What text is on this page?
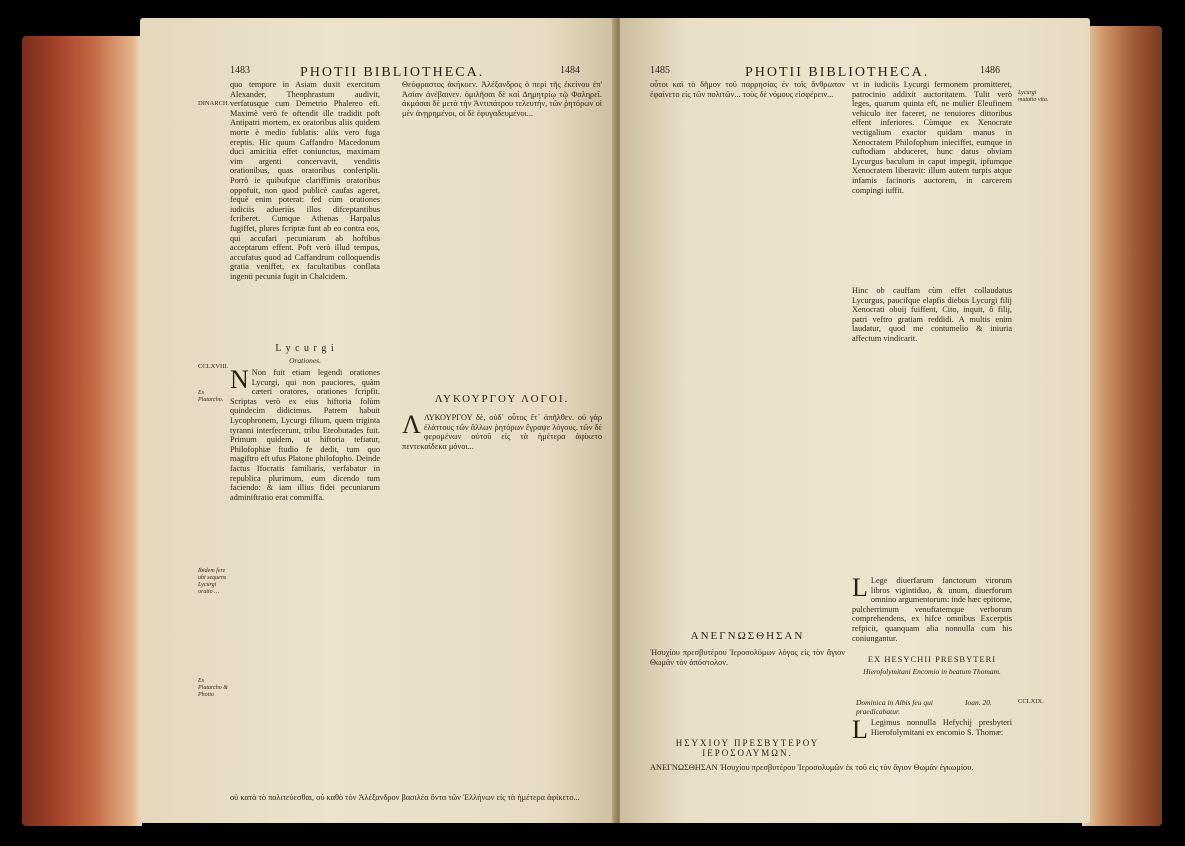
1483	PHOTII BIBLIOTHECA.	1484
DINARCH.

quo tempore in Asiam duxit exercitum Alexander, Theophrastum audivit, verfatusque cum Demetrio Phalereo eft. Maximè verò fe oftendit ille tradidit poft Antipatri mortem, ex oratoribus aliis quidem morte è medio fublatis: aliis vero fuga ereptis. Hic quum Caffandro Macedonum duci amicitia effet coniunctus, maximam vim argenti concervavit, venditis orationibus, quas oratoribus conferiplit. Porrò ie quibufque clariffimis oratoribus oppofuit, non quod publicè caufas ageret, fequè enim poterat: fed cùm orationes iudiciis adueriùs illos difceptantibus fcriberet. Cumque Athenas Harpalus fugiffet, plures fcriptæ funt ab eo contra eos, qui accufari pecuniarum ab hoftibus acceptarum effent. Poft verò illud tempus, accufatus quod ad Caffandrum colloquendis gratia veniffet, ex facultatibus conflata ingenti pecunia fugit in Chalcidem.

L y c u r g i
Orationes.
CCLXVIII.
Ex Plutarcho.

N Non fuit etiam legendi orationes Lycurgi, qui non pauciores, quàm cæteri oratores, orationes fcripfit. Scriptas verò ex eius hiftoria folùm quindecim didicimus. Patrem habuit Lycophronem, Lycurgi filium, quem triginta tyranni interfecerunt, tribu Eteobutades fuit. Primum quidem, ut hiftoria tefiatur, Philofophiæ ftudio fe dedit, tum quo magiftro eft ufus Platone philofopho. Deinde factus Ifocratis familiaris, verfabatur in republica plurimum, eum dicendo tum faciendo: & iam illius fidei pecuniarum adminiftratio erat commiffa.

Ibidem fere ubi sequens Lycurgi oratio …
Ex Plutarcho & Photio

Θεόφραστος ἀκήκοεν. Ἀλέξανδρος ὁ περὶ τῆς ἐκείνου ἐπ' Ἀσίαν ἀνέβαινεν. ὁμιλῆσαι δὲ καὶ Δημητρίῳ τῷ Φαληρεῖ. ἀκμάσαι δὲ μετὰ τὴν Ἀντιπάτρου τελευτήν, τῶν ῥητόρων οἱ μὲν ἀνῃρημένοι, οἱ δὲ ἐφυγαδευμένοι...

ΛΥΚΟΥΡΓΟΥ ΛΟΓΟΙ.

ΛΛΥΚΟΥΡΓΟΥ δὲ, οὐδ᾽ οὗτος ἔτ᾽ ἀπῆλθεν. οὐ γὰρ ἐλάττους τῶν ἄλλων ῥητόρων ἔγραψε λόγους. τῶν δὲ φερομένων αὐτοῦ εἰς τὰ ἡμέτερα ἀφίκετο πεντεκαίδεκα μόνοι...

οὐ κατὰ τὸ πολιτεύεσθαι, οὐ καθὸ τὸν Ἀλέξανδρον βασιλέα ὄντα τῶν Ἑλλήνων εἰς τὰ ἡμέτερα ἀφίκετο...

1485	PHOTII BIBLIOTHECA.	1486

οὗτοι καὶ τὸ δῆμον τοῦ παρρησίας ἐν τοῖς ἄνθρωπον ἐφαίνετο εἰς τῶν πολιτῶν... τοὺς δὲ νόμους εἰσφέρειν...

ΑΝΕΓΝΩΣΘΗΣΑΝ

Ἡσυχίου πρεσβυτέρου Ἱεροσολύμων λόγος εἰς τὸν ἅγιον Θωμᾶν τὸν ἀπόστολον.

ΗΣΥΧΙΟΥ ΠΡΕΣΒΥΤΕΡΟΥ ΙΕΡΟΣΟΛΥΜΩΝ.

vt in iudiciis Lycurgi fermonem promitteret, patrocinio addixit auctoritatem. Tulit verò leges, quarum quinta eft, ne mulier Eleufinem vehiculo iter faceret, ne tenuiores dittoribus effent inferiores. Cùmque ex Xenocrate vectigalium exactor quidam manus in Xenocratem Philofophum inieciffet, eumque in cuftodiam abduceret, hunc datus obviam Lycurgus baculum in caput impegit, ipfumque Xenocratem liberavit: illum autem turpis atque infamis facinoris auctorem, in carcerem compingi iuffit.

Lycurgi mutatio vita.

Hinc ob cauffam cùm effet collaudatus Lycurgus, paucifque elapfis diebus Lycurgi filij Xenocrati obuij fuiffent, Cito, inquit, ô filij, patri veftro gratiam reddidi. A multis enim laudatur, quod me contumelio & iniuria affectum vindicarit.

L Lege diuerfarum fanctorum virorum libros vigintiduo, & unum, diuerforum omnino argumentorum: inde hæc epitome, pulcherrimum venuftatemque verborum comprehendens, ex hifce omnibus Excerptis refpicit, quanquam alia nonnulla cum his coniungantur.

EX HESYCHII PRESBYTERI
Hierofolymitani Encomio in beatum Thomam.
CCLXIX.
Dominica in Albis feu qui praedicabatur.
Ioan. 20.

L Legimus nonnulla Hefychij presbyteri Hierofolymitani ex encomio S. Thomæ:

ΑΝΕΓΝΩΣΘΗΣΑΝ Ἡσυχίου πρεσβυτέρου Ἱεροσολυμῶν ἐκ τοῦ εἰς τὸν ἅγιον Θωμᾶν ἐγκωμίου.
